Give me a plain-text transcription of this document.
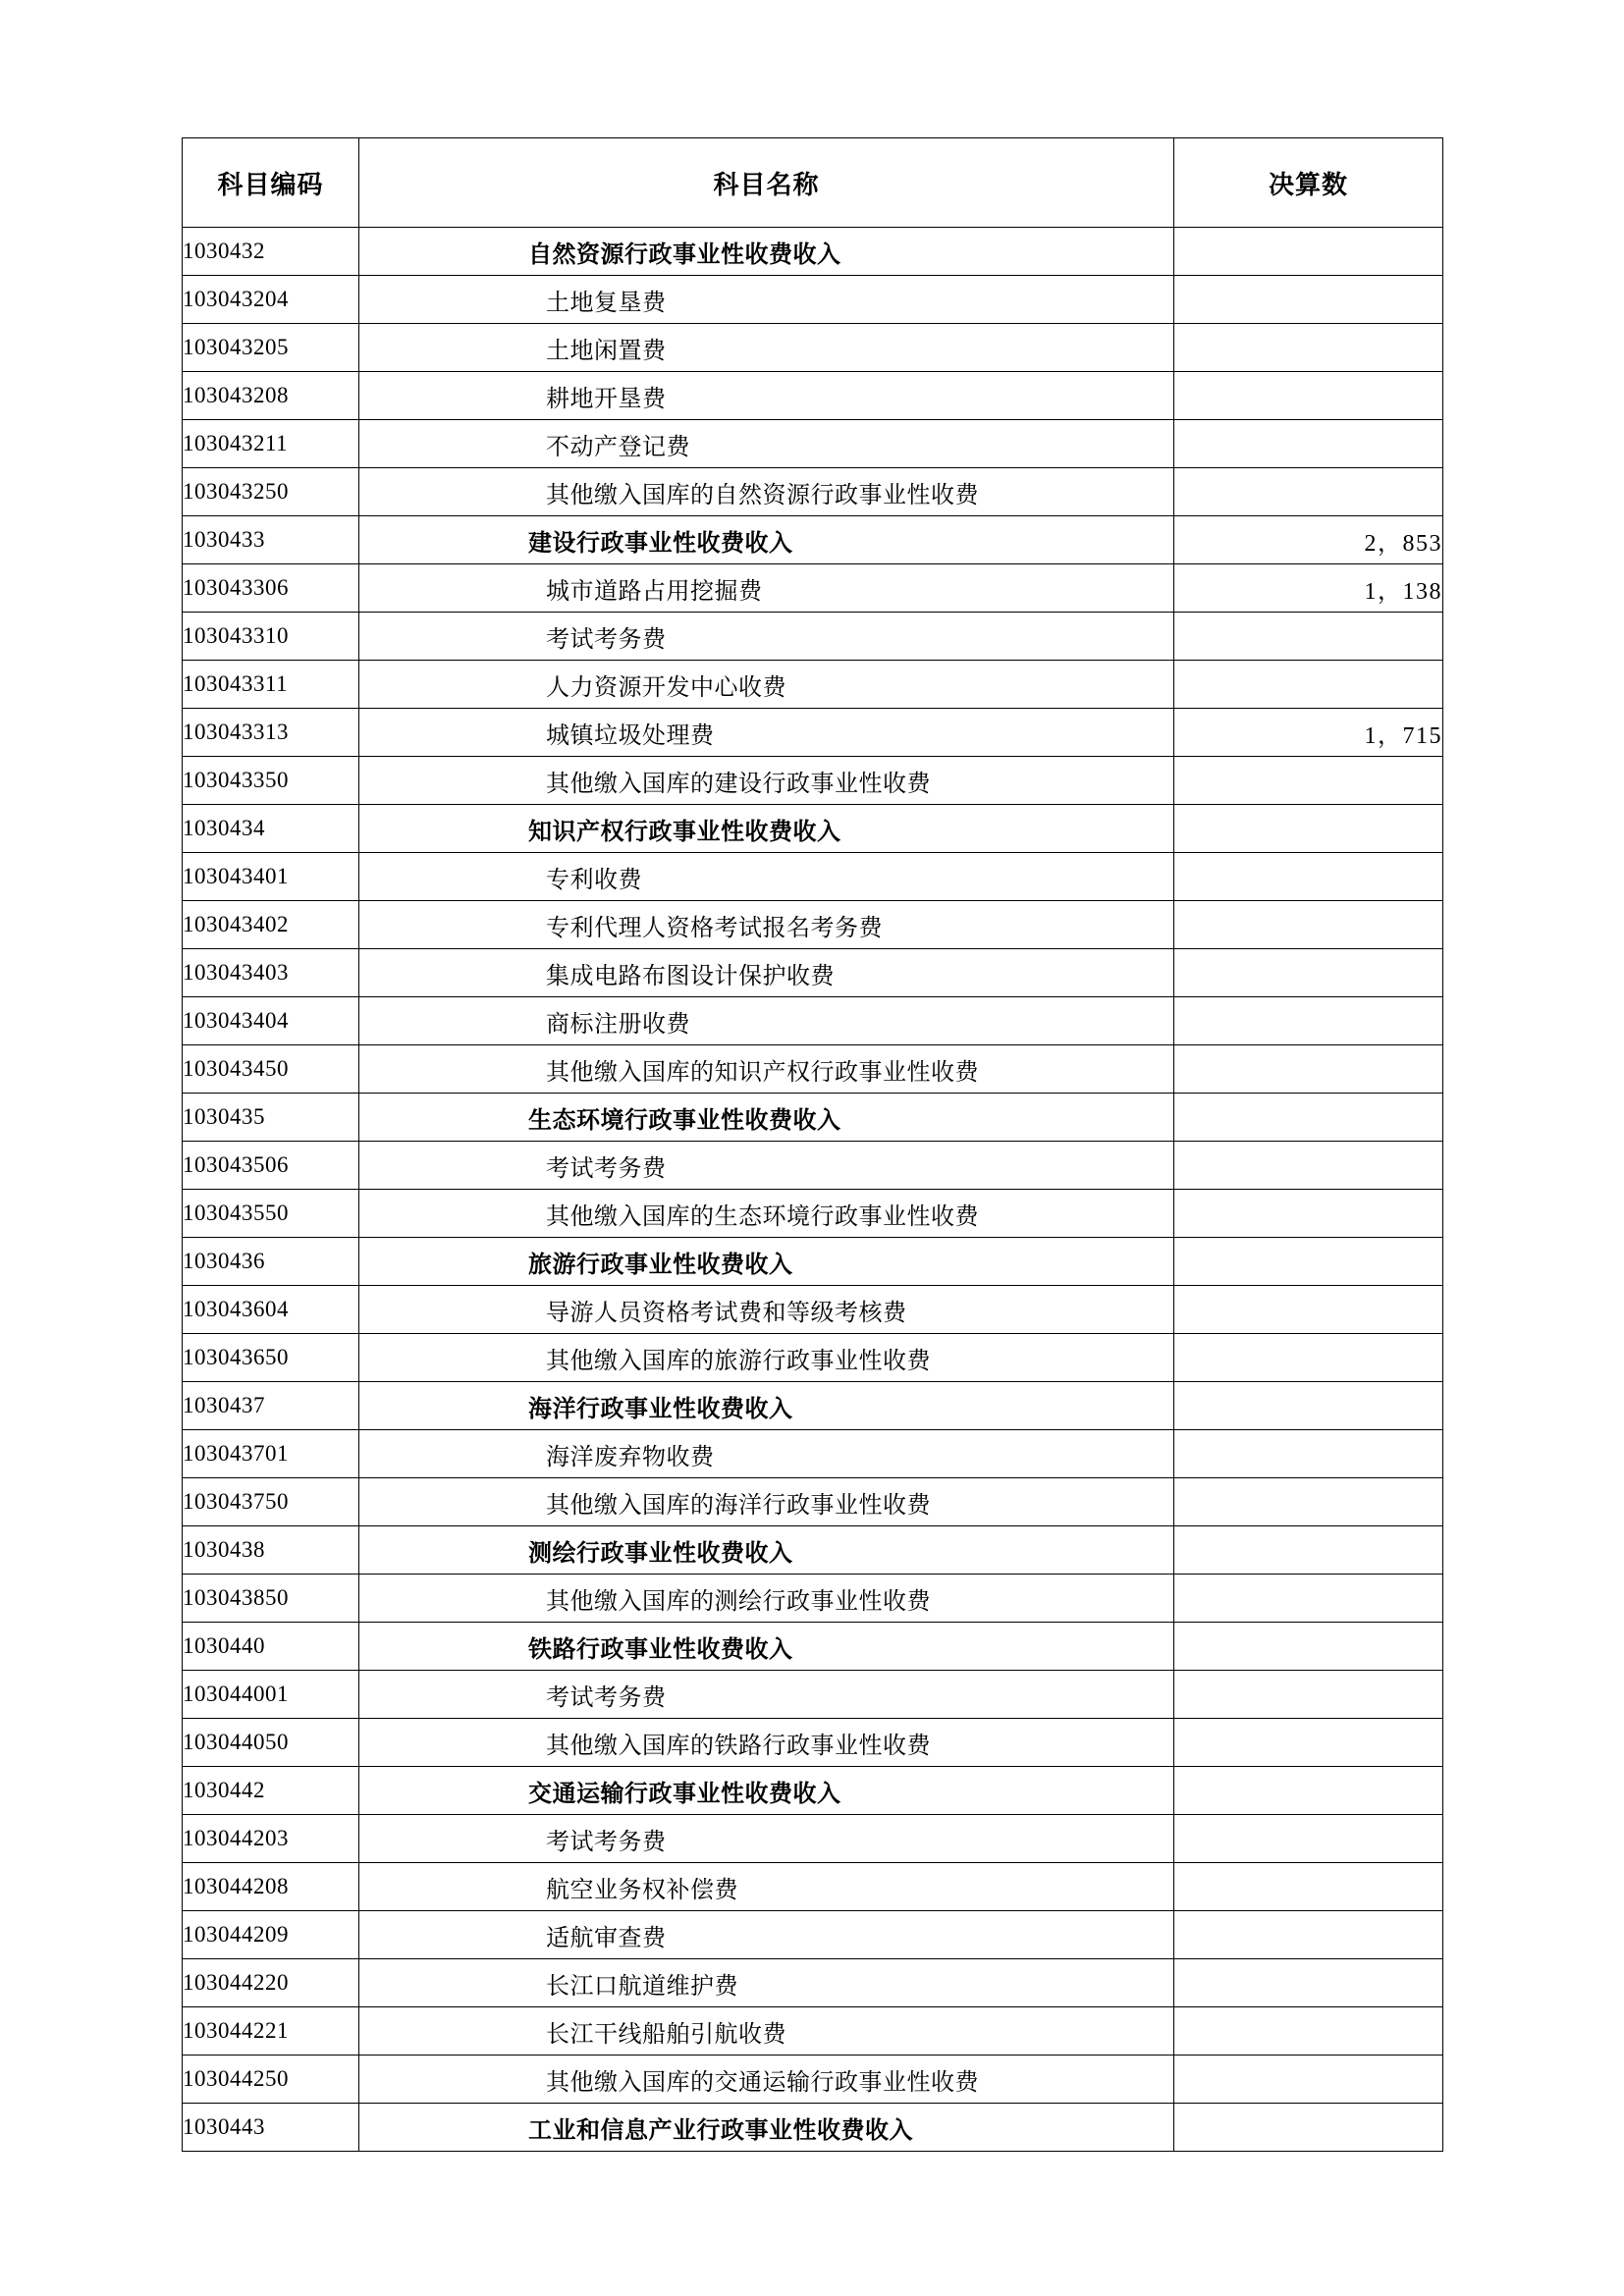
科目编码	科目名称	决算数
1030432	自然资源行政事业性收费收入	
103043204	土地复垦费	
103043205	土地闲置费	
103043208	耕地开垦费	
103043211	不动产登记费	
103043250	其他缴入国库的自然资源行政事业性收费	
1030433	建设行政事业性收费收入	2，853
103043306	城市道路占用挖掘费	1，138
103043310	考试考务费	
103043311	人力资源开发中心收费	
103043313	城镇垃圾处理费	1，715
103043350	其他缴入国库的建设行政事业性收费	
1030434	知识产权行政事业性收费收入	
103043401	专利收费	
103043402	专利代理人资格考试报名考务费	
103043403	集成电路布图设计保护收费	
103043404	商标注册收费	
103043450	其他缴入国库的知识产权行政事业性收费	
1030435	生态环境行政事业性收费收入	
103043506	考试考务费	
103043550	其他缴入国库的生态环境行政事业性收费	
1030436	旅游行政事业性收费收入	
103043604	导游人员资格考试费和等级考核费	
103043650	其他缴入国库的旅游行政事业性收费	
1030437	海洋行政事业性收费收入	
103043701	海洋废弃物收费	
103043750	其他缴入国库的海洋行政事业性收费	
1030438	测绘行政事业性收费收入	
103043850	其他缴入国库的测绘行政事业性收费	
1030440	铁路行政事业性收费收入	
103044001	考试考务费	
103044050	其他缴入国库的铁路行政事业性收费	
1030442	交通运输行政事业性收费收入	
103044203	考试考务费	
103044208	航空业务权补偿费	
103044209	适航审查费	
103044220	长江口航道维护费	
103044221	长江干线船舶引航收费	
103044250	其他缴入国库的交通运输行政事业性收费	
1030443	工业和信息产业行政事业性收费收入	
